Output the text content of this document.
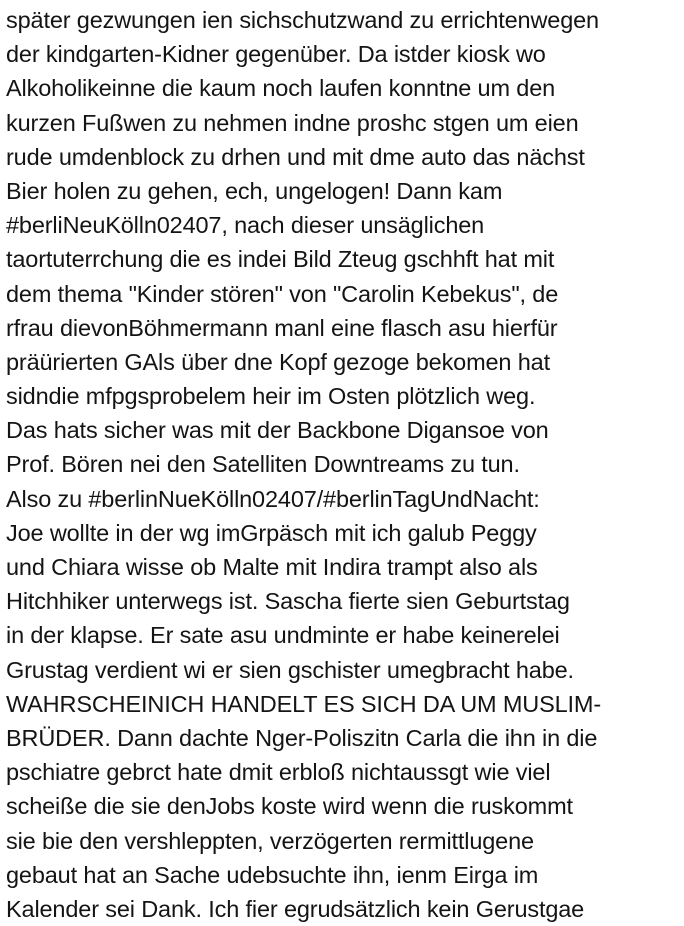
später gezwungen ien sichschutzwand zu errichtenwegen
der kindgarten-Kidner gegenüber. Da istder kiosk wo
Alkoholikeinne die kaum noch laufen konntne um den
kurzen Fußwen zu nehmen indne proshc stgen um eien
rude umdenblock zu drhen und mit dme auto das nächst
Bier holen zu gehen, ech, ungelogen! Dann kam
#berliNeuKölln02407, nach dieser unsäglichen
taortuterrchung die es indei Bild Zteug gschhft hat mit
dem thema "Kinder stören" von "Carolin Kebekus", de
rfrau dievonBöhmermann manl eine flasch asu hierfür
präürierten GAls über dne Kopf gezoge bekomen hat
sidndie mfpgsprobelem heir im Osten plötzlich weg.
Das hats sicher was mit der Backbone Digansoe von
Prof. Bören nei den Satelliten Downtreams zu tun.
Also zu #berlinNueKölln02407/#berlinTagUndNacht:
Joe wollte in der wg imGrpäsch mit ich galub Peggy
und Chiara wisse ob Malte mit Indira trampt also als
Hitchhiker unterwegs ist. Sascha fierte sien Geburtstag
in der klapse. Er sate asu undminte er habe keinerelei
Grustag verdient wi er sien gschister umegbracht habe.
WAHRSCHEINICH HANDELT ES SICH DA UM MUSLIM-
BRÜDER. Dann dachte Nger-Poliszitn Carla die ihn in die
pschiatre gebrct hate dmit erbloß nichtaussgt wie viel
scheiße die sie denJobs koste wird wenn die ruskommt
sie bie den vershleppten, verzögerten rermittlugene
gebaut hat an Sache udebsuchte ihn, ienm Eirga im
Kalender sei Dank. Ich fier egrudsätzlich kein Gerustgae
